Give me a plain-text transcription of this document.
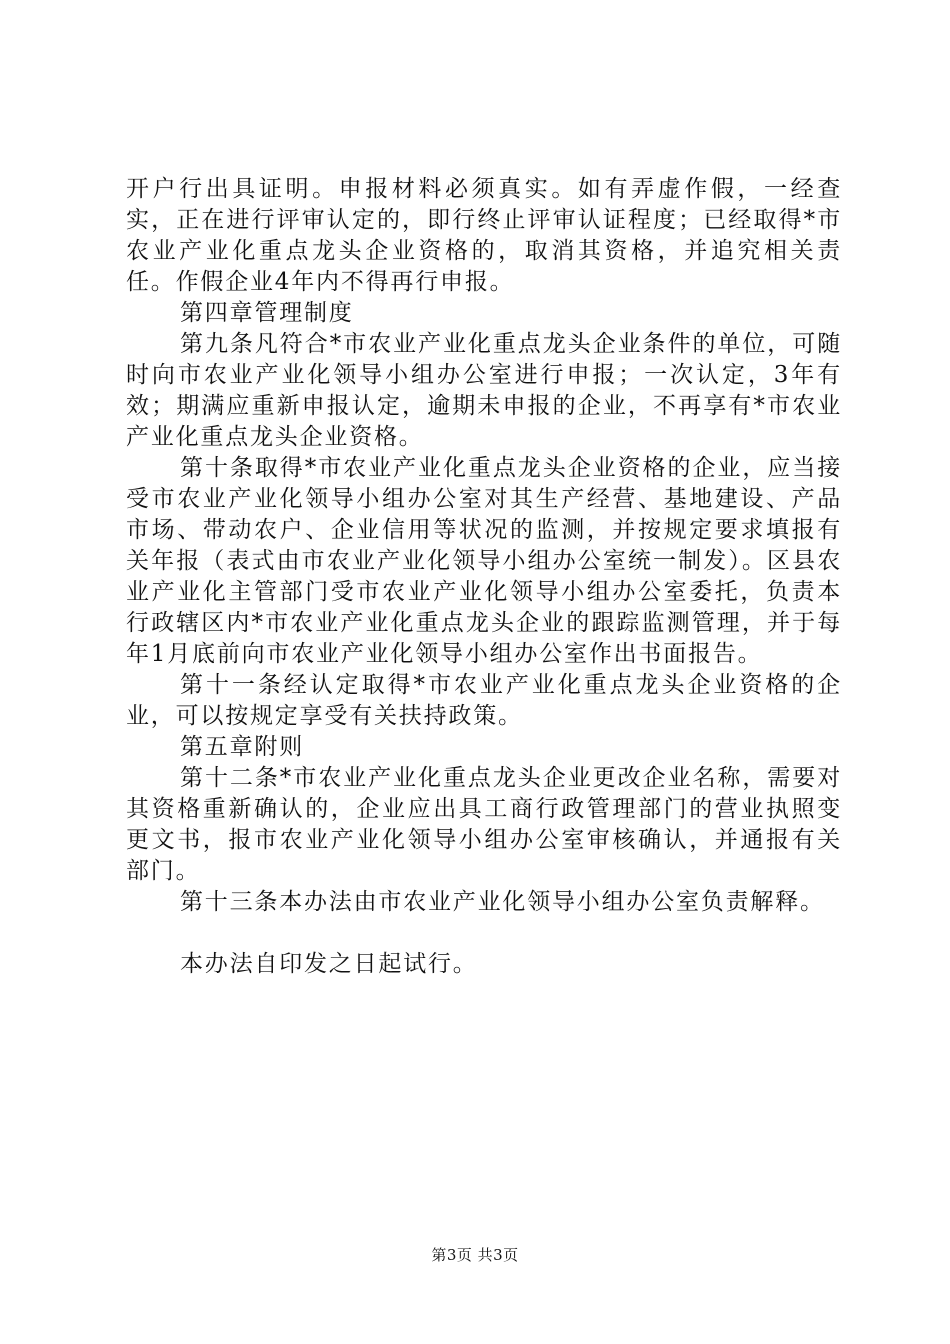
开户行出具证明。申报材料必须真实。如有弄虚作假，一经查实，正在进行评审认定的，即行终止评审认证程度；已经取得*市农业产业化重点龙头企业资格的，取消其资格，并追究相关责任。作假企业4年内不得再行申报。

第四章管理制度

第九条凡符合*市农业产业化重点龙头企业条件的单位，可随时向市农业产业化领导小组办公室进行申报；一次认定，3年有效；期满应重新申报认定，逾期未申报的企业，不再享有*市农业产业化重点龙头企业资格。

第十条取得*市农业产业化重点龙头企业资格的企业，应当接受市农业产业化领导小组办公室对其生产经营、基地建设、产品市场、带动农户、企业信用等状况的监测，并按规定要求填报有关年报（表式由市农业产业化领导小组办公室统一制发）。区县农业产业化主管部门受市农业产业化领导小组办公室委托，负责本行政辖区内*市农业产业化重点龙头企业的跟踪监测管理，并于每年1月底前向市农业产业化领导小组办公室作出书面报告。

第十一条经认定取得*市农业产业化重点龙头企业资格的企业，可以按规定享受有关扶持政策。

第五章附则

第十二条*市农业产业化重点龙头企业更改企业名称，需要对其资格重新确认的，企业应出具工商行政管理部门的营业执照变更文书，报市农业产业化领导小组办公室审核确认，并通报有关部门。

第十三条本办法由市农业产业化领导小组办公室负责解释。

本办法自印发之日起试行。

第3页 共3页
